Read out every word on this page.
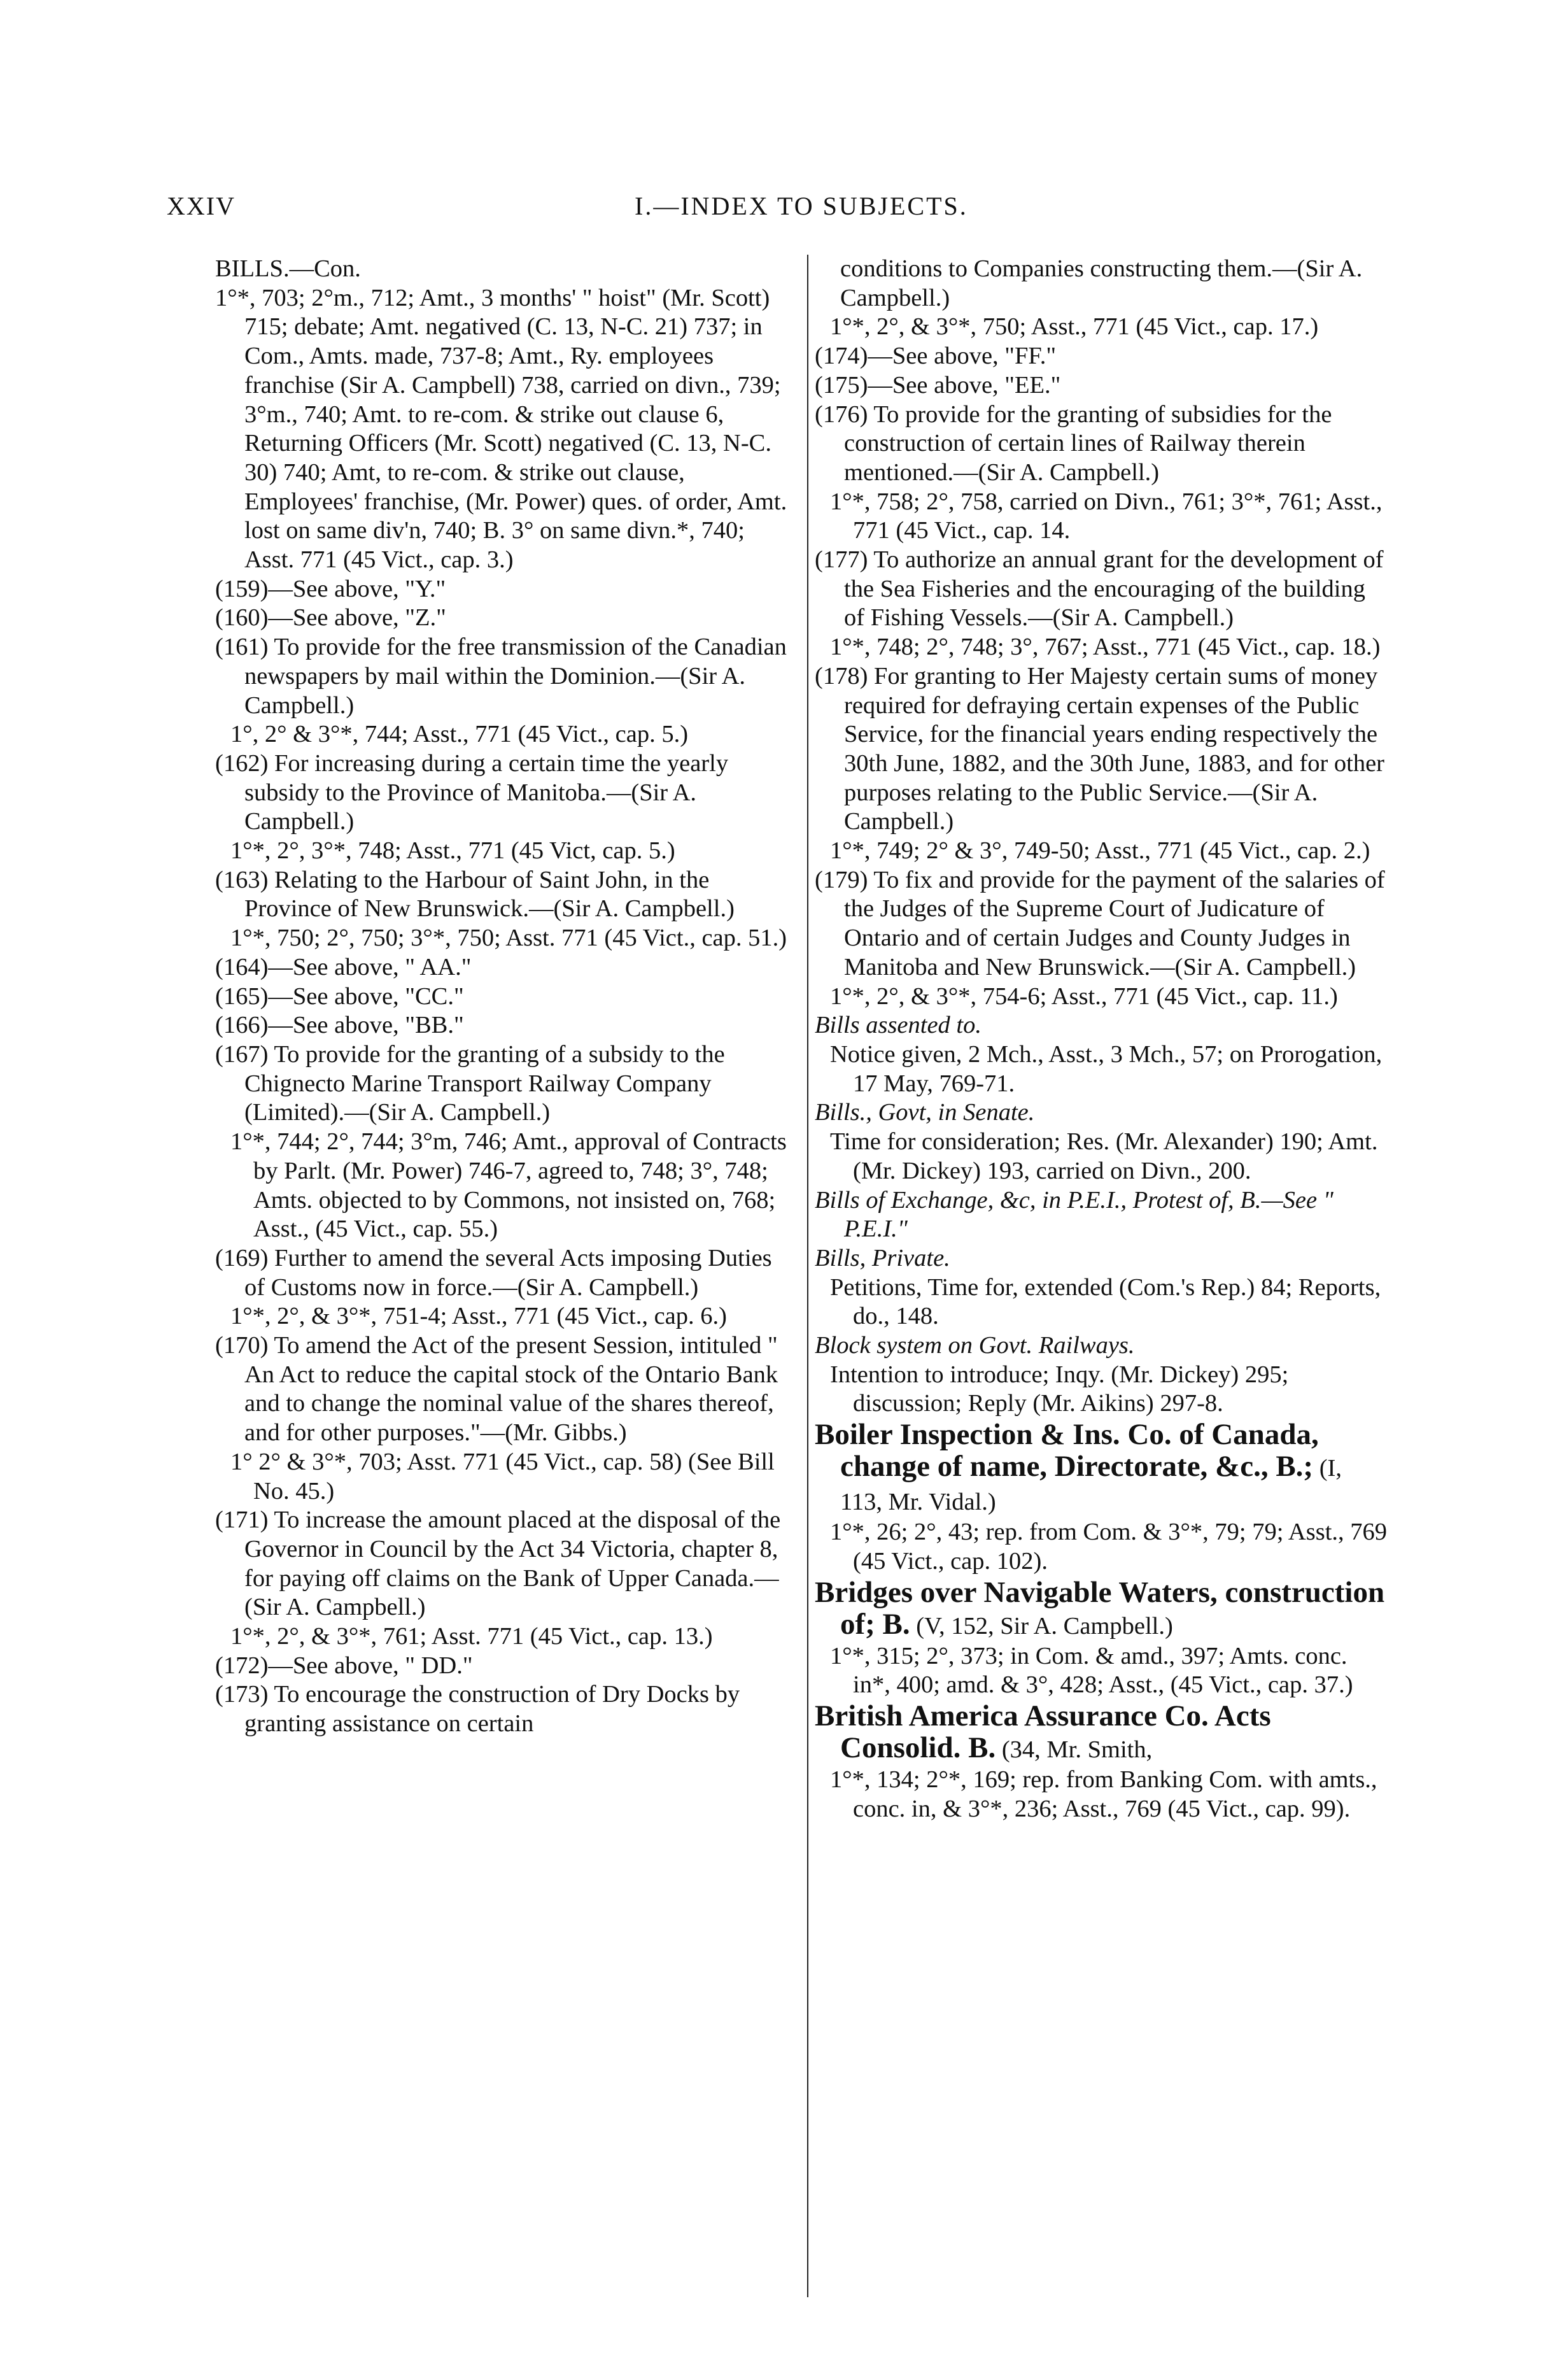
XXIV	I.—INDEX TO SUBJECTS.

BILLS.—Con.

1°*, 703; 2°m., 712; Amt., 3 months' " hoist" (Mr. Scott) 715; debate; Amt. negatived (C. 13, N-C. 21) 737; in Com., Amts. made, 737-8; Amt., Ry. employees franchise (Sir A. Campbell) 738, carried on divn., 739; 3°m., 740; Amt. to re-com. & strike out clause 6, Returning Officers (Mr. Scott) negatived (C. 13, N-C. 30) 740; Amt, to re-com. & strike out clause, Employees' franchise, (Mr. Power) ques. of order, Amt. lost on same div'n, 740; B. 3° on same divn.*, 740; Asst. 771 (45 Vict., cap. 3.)

(159)—See above, "Y."

(160)—See above, "Z."

(161) To provide for the free transmission of the Canadian newspapers by mail within the Dominion.—(Sir A. Campbell.)

1°, 2° & 3°*, 744; Asst., 771 (45 Vict., cap. 5.)

(162) For increasing during a certain time the yearly subsidy to the Province of Manitoba.—(Sir A. Campbell.)

1°*, 2°, 3°*, 748; Asst., 771 (45 Vict, cap. 5.)

(163) Relating to the Harbour of Saint John, in the Province of New Brunswick.—(Sir A. Campbell.)

1°*, 750; 2°, 750; 3°*, 750; Asst. 771 (45 Vict., cap. 51.)

(164)—See above, " AA."

(165)—See above, "CC."

(166)—See above, "BB."

(167) To provide for the granting of a subsidy to the Chignecto Marine Transport Railway Company (Limited).—(Sir A. Campbell.)

1°*, 744; 2°, 744; 3°m, 746; Amt., approval of Contracts by Parlt. (Mr. Power) 746-7, agreed to, 748; 3°, 748; Amts. objected to by Commons, not insisted on, 768; Asst., (45 Vict., cap. 55.)

(169) Further to amend the several Acts imposing Duties of Customs now in force.—(Sir A. Campbell.)

1°*, 2°, & 3°*, 751-4; Asst., 771 (45 Vict., cap. 6.)

(170) To amend the Act of the present Session, intituled " An Act to reduce the capital stock of the Ontario Bank and to change the nominal value of the shares thereof, and for other purposes."—(Mr. Gibbs.)

1° 2° & 3°*, 703; Asst. 771 (45 Vict., cap. 58) (See Bill No. 45.)

(171) To increase the amount placed at the disposal of the Governor in Council by the Act 34 Victoria, chapter 8, for paying off claims on the Bank of Upper Canada.—(Sir A. Campbell.)

1°*, 2°, & 3°*, 761; Asst. 771 (45 Vict., cap. 13.)

(172)—See above, " DD."

(173) To encourage the construction of Dry Docks by granting assistance on certain

conditions to Companies constructing them.—(Sir A. Campbell.)

1°*, 2°, & 3°*, 750; Asst., 771 (45 Vict., cap. 17.)

(174)—See above, "FF."

(175)—See above, "EE."

(176) To provide for the granting of subsidies for the construction of certain lines of Railway therein mentioned.—(Sir A. Campbell.)

1°*, 758; 2°, 758, carried on Divn., 761; 3°*, 761; Asst., 771 (45 Vict., cap. 14.

(177) To authorize an annual grant for the development of the Sea Fisheries and the encouraging of the building of Fishing Vessels.—(Sir A. Campbell.)

1°*, 748; 2°, 748; 3°, 767; Asst., 771 (45 Vict., cap. 18.)

(178) For granting to Her Majesty certain sums of money required for defraying certain expenses of the Public Service, for the financial years ending respectively the 30th June, 1882, and the 30th June, 1883, and for other purposes relating to the Public Service.—(Sir A. Campbell.)

1°*, 749; 2° & 3°, 749-50; Asst., 771 (45 Vict., cap. 2.)

(179) To fix and provide for the payment of the salaries of the Judges of the Supreme Court of Judicature of Ontario and of certain Judges and County Judges in Manitoba and New Brunswick.—(Sir A. Campbell.)

1°*, 2°, & 3°*, 754-6; Asst., 771 (45 Vict., cap. 11.)

Bills assented to.

Notice given, 2 Mch., Asst., 3 Mch., 57; on Prorogation, 17 May, 769-71.

Bills., Govt, in Senate.

Time for consideration; Res. (Mr. Alexander) 190; Amt. (Mr. Dickey) 193, carried on Divn., 200.

Bills of Exchange, &c, in P.E.I., Protest of, B.—See " P.E.I."

Bills, Private.

Petitions, Time for, extended (Com.'s Rep.) 84; Reports, do., 148.

Block system on Govt. Railways.

Intention to introduce; Inqy. (Mr. Dickey) 295; discussion; Reply (Mr. Aikins) 297-8.

Boiler Inspection & Ins. Co. of Canada, change of name, Directorate, &c., B.; (I, 113, Mr. Vidal.)

1°*, 26; 2°, 43; rep. from Com. & 3°*, 79; 79; Asst., 769 (45 Vict., cap. 102).

Bridges over Navigable Waters, construction of; B. (V, 152, Sir A. Campbell.)

1°*, 315; 2°, 373; in Com. & amd., 397; Amts. conc. in*, 400; amd. & 3°, 428; Asst., (45 Vict., cap. 37.)

British America Assurance Co. Acts Consolid. B. (34, Mr. Smith,

1°*, 134; 2°*, 169; rep. from Banking Com. with amts., conc. in, & 3°*, 236; Asst., 769 (45 Vict., cap. 99).
